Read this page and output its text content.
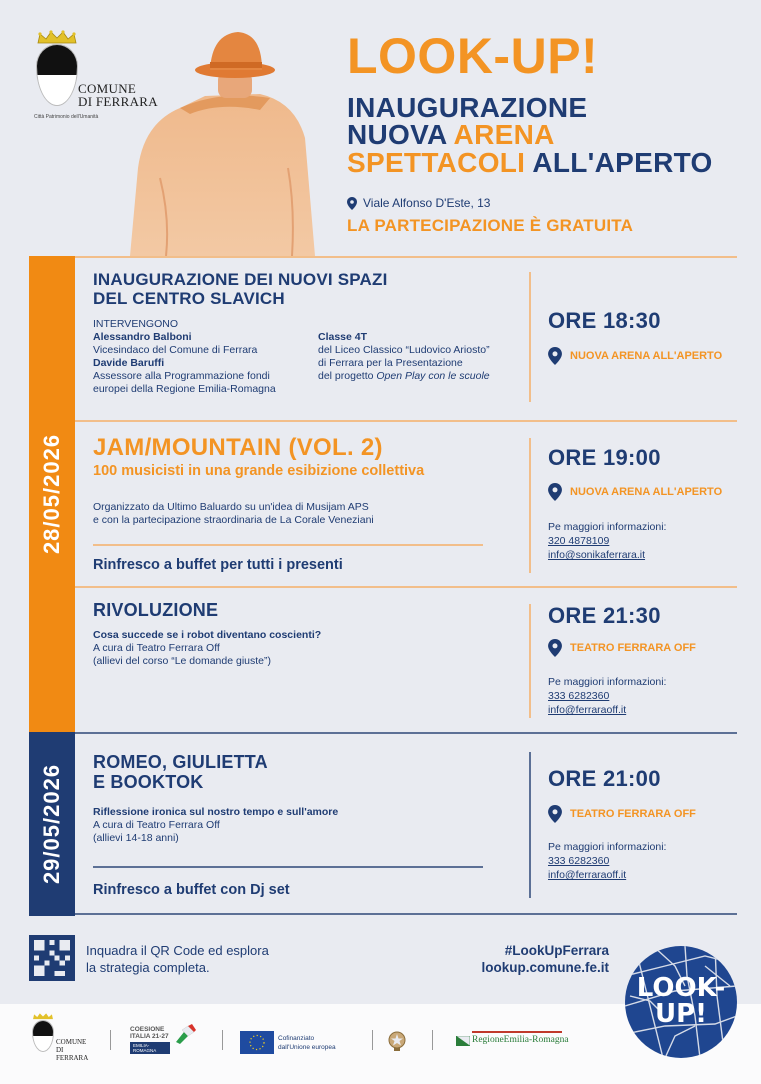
COMUNE
DI FERRARA
Città Patrimonio dell'Umanità
LOOK-UP!
INAUGURAZIONE
NUOVA ARENA
SPETTACOLI ALL'APERTO
Viale Alfonso D'Este, 13
LA PARTECIPAZIONE È GRATUITA
28/05/2026
29/05/2026
INAUGURAZIONE DEI NUOVI SPAZI
DEL CENTRO SLAVICH
INTERVENGONO
Alessandro Balboni
Vicesindaco del Comune di Ferrara
Davide Baruffi
Assessore alla Programmazione fondi
europei della Regione Emilia-Romagna
Classe 4T
del Liceo Classico “Ludovico Ariosto”
di Ferrara per la Presentazione
del progetto Open Play con le scuole
ORE 18:30
NUOVA ARENA ALL'APERTO
JAM/MOUNTAIN (VOL. 2)
100 musicisti in una grande esibizione collettiva
Organizzato da Ultimo Baluardo su un'idea di Musijam APS
e con la partecipazione straordinaria de La Corale Veneziani
Rinfresco a buffet per tutti i presenti
ORE 19:00
NUOVA ARENA ALL'APERTO
Pe maggiori informazioni:
320 4878109
info@sonikaferrara.it
RIVOLUZIONE
Cosa succede se i robot diventano coscienti?
A cura di Teatro Ferrara Off
(allievi del corso “Le domande giuste”)
ORE 21:30
TEATRO FERRARA OFF
Pe maggiori informazioni:
333 6282360
info@ferraraoff.it
ROMEO, GIULIETTA
E BOOKTOK
Riflessione ironica sul nostro tempo e sull'amore
A cura di Teatro Ferrara Off
(allievi 14-18 anni)
Rinfresco a buffet con Dj set
ORE 21:00
TEATRO FERRARA OFF
Pe maggiori informazioni:
333 6282360
info@ferraraoff.it
Inquadra il QR Code ed esplora
la strategia completa.
#LookUpFerrara
lookup.comune.fe.it
COMUNE
DI FERRARA
COESIONE
ITALIA 21-27
EMILIA-ROMAGNA
Cofinanziato
dall'Unione europea
RegioneEmilia-Romagna
LOOK-
UP!
